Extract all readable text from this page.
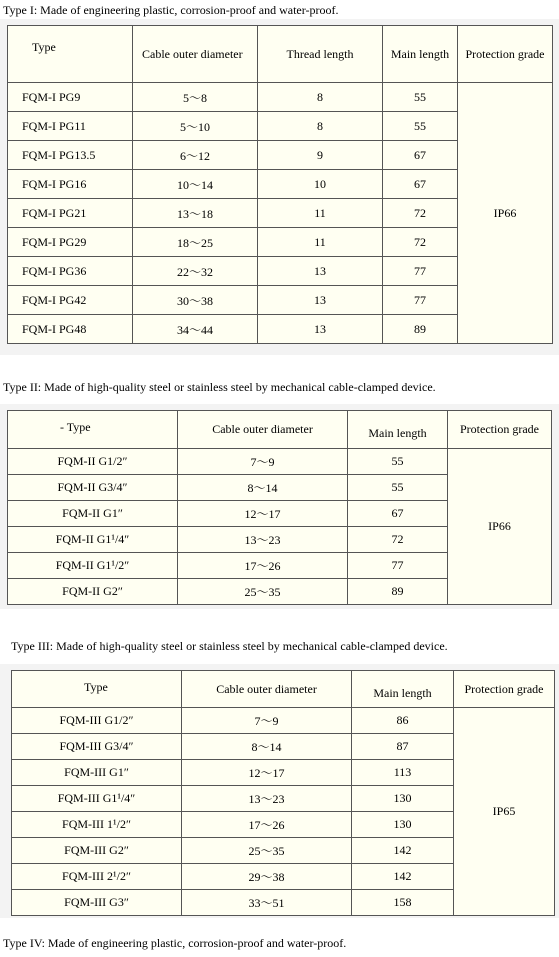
Type I: Made of engineering plastic, corrosion-proof and water-proof.
Type	Cable outer diameter	Thread length	Main length	Protection grade
FQM-I PG9	5～8	8	55	IP66
FQM-I PG11	5～10	8	55	
FQM-I PG13.5	6～12	9	67	
FQM-I PG16	10～14	10	67	
FQM-I PG21	13～18	11	72	
FQM-I PG29	18～25	11	72	
FQM-I PG36	22～32	13	77	
FQM-I PG42	30～38	13	77	
FQM-I PG48	34～44	13	89	
Type II: Made of high-quality steel or stainless steel by mechanical cable-clamped device.
- Type	Cable outer diameter	Main length	Protection grade
FQM-II G1/2″	7～9	55	IP66
FQM-II G3/4″	8～14	55	
FQM-II G1″	12～17	67	
FQM-II G1¹/4″	13～23	72	
FQM-II G1¹/2″	17～26	77	
FQM-II G2″	25～35	89	
Type III: Made of high-quality steel or stainless steel by mechanical cable-clamped device.
Type	Cable outer diameter	Main length	Protection grade
FQM-III G1/2″	7～9	86	IP65
FQM-III G3/4″	8～14	87	
FQM-III G1″	12～17	113	
FQM-III G1¹/4″	13～23	130	
FQM-III 1¹/2″	17～26	130	
FQM-III G2″	25～35	142	
FQM-III 2¹/2″	29～38	142	
FQM-III G3″	33～51	158	
Type IV: Made of engineering plastic, corrosion-proof and water-proof.
